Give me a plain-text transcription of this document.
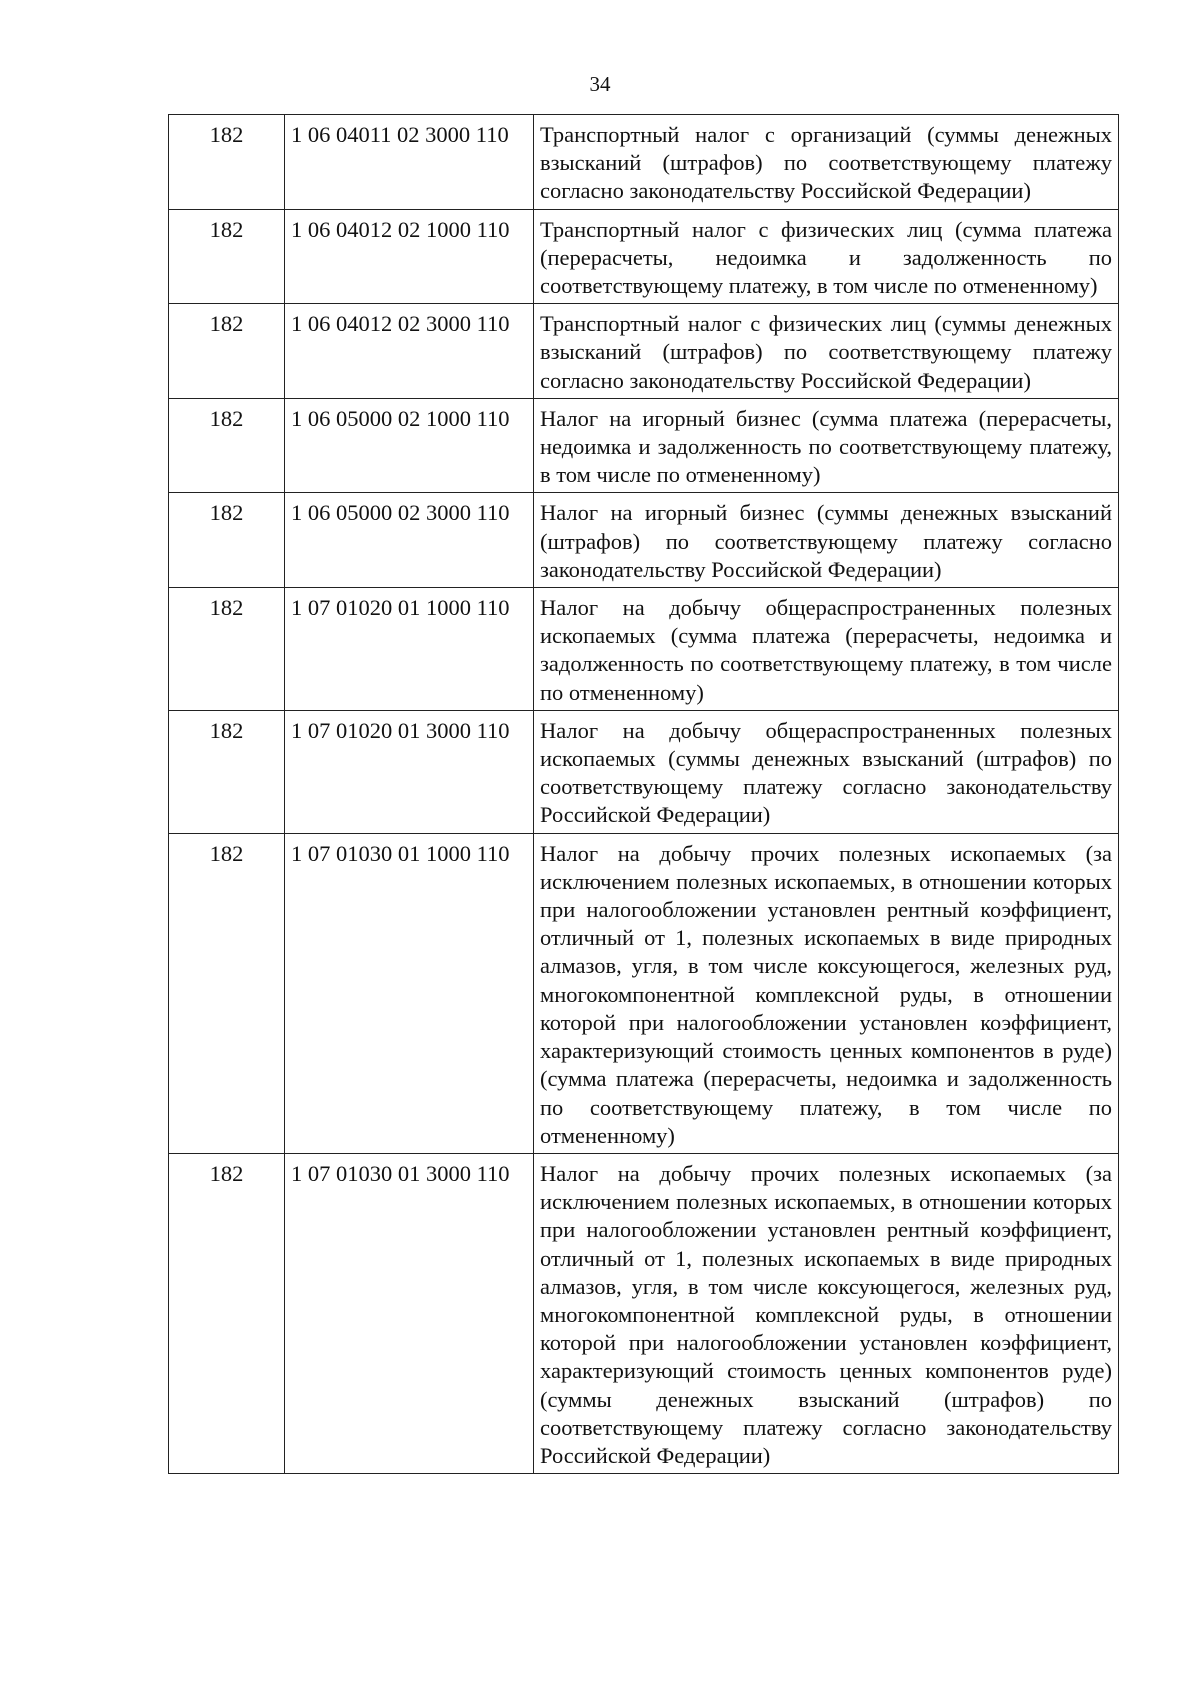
34
182	1 06 04011 02 3000 110	Транспортный налог с организаций (суммы денежных взысканий (штрафов) по соответствующему платежу согласно законодательству Российской Федерации)
182	1 06 04012 02 1000 110	Транспортный налог с физических лиц (сумма платежа (перерасчеты, недоимка и задолженность по соответствующему платежу, в том числе по отмененному)
182	1 06 04012 02 3000 110	Транспортный налог с физических лиц (суммы денежных взысканий (штрафов) по соответствующему платежу согласно законодательству Российской Федерации)
182	1 06 05000 02 1000 110	Налог на игорный бизнес (сумма платежа (перерасчеты, недоимка и задолженность по соответствующему платежу, в том числе по отмененному)
182	1 06 05000 02 3000 110	Налог на игорный бизнес (суммы денежных взысканий (штрафов) по соответствующему платежу согласно законодательству Российской Федерации)
182	1 07 01020 01 1000 110	Налог на добычу общераспространенных полезных ископаемых (сумма платежа (перерасчеты, недоимка и задолженность по соответствующему платежу, в том числе по отмененному)
182	1 07 01020 01 3000 110	Налог на добычу общераспространенных полезных ископаемых (суммы денежных взысканий (штрафов) по соответствующему платежу согласно законодательству Российской Федерации)
182	1 07 01030 01 1000 110	Налог на добычу прочих полезных ископаемых (за исключением полезных ископаемых, в отношении которых при налогообложении установлен рентный коэффициент, отличный от 1, полезных ископаемых в виде природных алмазов, угля, в том числе коксующегося, железных руд, многокомпонентной комплексной руды, в отношении которой при налогообложении установлен коэффициент, характеризующий стоимость ценных компонентов в руде) (сумма платежа (перерасчеты, недоимка и задолженность по соответствующему платежу, в том числе по отмененному)
182	1 07 01030 01 3000 110	Налог на добычу прочих полезных ископаемых (за исключением полезных ископаемых, в отношении которых при налогообложении установлен рентный коэффициент, отличный от 1, полезных ископаемых в виде природных алмазов, угля, в том числе коксующегося, железных руд, многокомпонентной комплексной руды, в отношении которой при налогообложении установлен коэффициент, характеризующий стоимость ценных компонентов руде) (суммы денежных взысканий (штрафов) по соответствующему платежу согласно законодательству Российской Федерации)
